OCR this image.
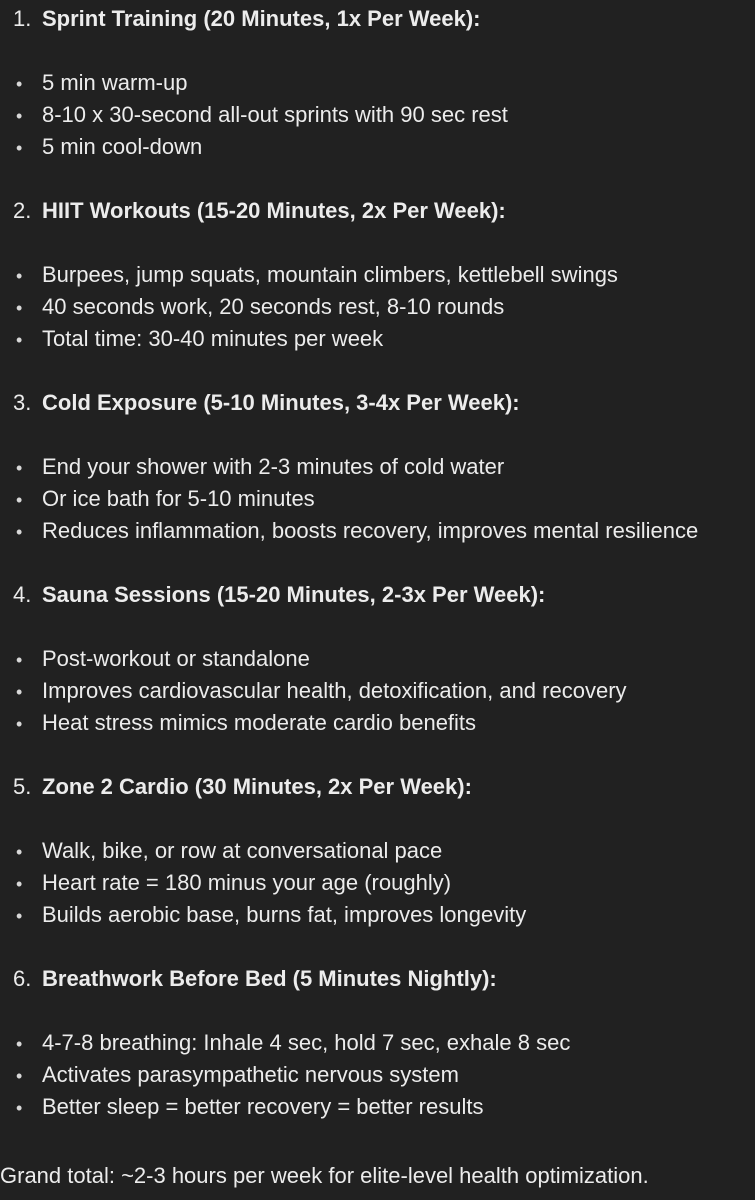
1. Sprint Training (20 Minutes, 1x Per Week):
• 5 min warm-up
• 8-10 x 30-second all-out sprints with 90 sec rest
• 5 min cool-down
2. HIIT Workouts (15-20 Minutes, 2x Per Week):
• Burpees, jump squats, mountain climbers, kettlebell swings
• 40 seconds work, 20 seconds rest, 8-10 rounds
• Total time: 30-40 minutes per week
3. Cold Exposure (5-10 Minutes, 3-4x Per Week):
• End your shower with 2-3 minutes of cold water
• Or ice bath for 5-10 minutes
• Reduces inflammation, boosts recovery, improves mental resilience
4. Sauna Sessions (15-20 Minutes, 2-3x Per Week):
• Post-workout or standalone
• Improves cardiovascular health, detoxification, and recovery
• Heat stress mimics moderate cardio benefits
5. Zone 2 Cardio (30 Minutes, 2x Per Week):
• Walk, bike, or row at conversational pace
• Heart rate = 180 minus your age (roughly)
• Builds aerobic base, burns fat, improves longevity
6. Breathwork Before Bed (5 Minutes Nightly):
• 4-7-8 breathing: Inhale 4 sec, hold 7 sec, exhale 8 sec
• Activates parasympathetic nervous system
• Better sleep = better recovery = better results
Grand total: ~2-3 hours per week for elite-level health optimization.
